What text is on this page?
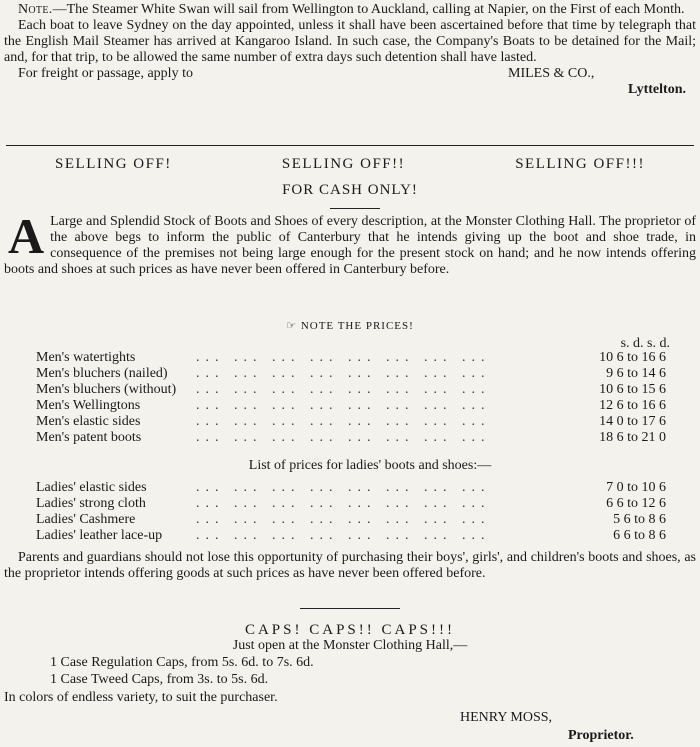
Note.—The Steamer White Swan will sail from Wellington to Auckland, calling at Napier, on the First of each Month.

Each boat to leave Sydney on the day appointed, unless it shall have been ascertained before that time by telegraph that the English Mail Steamer has arrived at Kangaroo Island. In such case, the Company's Boats to be detained for the Mail; and, for that trip, to be allowed the same number of extra days such detention shall have lasted.

For freight or passage, apply to	MILES & CO.,

Lyttelton.

SELLING OFF!	SELLING OFF!!	SELLING OFF!!!
FOR CASH ONLY!
A Large and Splendid Stock of Boots and Shoes of every description, at the Monster Clothing Hall. The proprietor of the above begs to inform the public of Canterbury that he intends giving up the boot and shoe trade, in consequence of the premises not being large enough for the present stock on hand; and he now intends offering boots and shoes at such prices as have never been offered in Canterbury before.

☞ NOTE THE PRICES!
s. d. s. d.
Men's watertights	... ... ... ... ... ... ... ...	10 6 to 16 6
Men's bluchers (nailed)	... ... ... ... ... ... ... ...	9 6 to 14 6
Men's bluchers (without)	... ... ... ... ... ... ... ...	10 6 to 15 6
Men's Wellingtons	... ... ... ... ... ... ... ...	12 6 to 16 6
Men's elastic sides	... ... ... ... ... ... ... ...	14 0 to 17 6
Men's patent boots	... ... ... ... ... ... ... ...	18 6 to 21 0
List of prices for ladies' boots and shoes:—
Ladies' elastic sides	... ... ... ... ... ... ... ...	7 0 to 10 6
Ladies' strong cloth	... ... ... ... ... ... ... ...	6 6 to 12 6
Ladies' Cashmere	... ... ... ... ... ... ... ...	5 6 to 8 6
Ladies' leather lace-up	... ... ... ... ... ... ... ...	6 6 to 8 6

Parents and guardians should not lose this opportunity of purchasing their boys', girls', and children's boots and shoes, as the proprietor intends offering goods at such prices as have never been offered before.

CAPS! CAPS!! CAPS!!!
Just open at the Monster Clothing Hall,—
1 Case Regulation Caps, from 5s. 6d. to 7s. 6d.
1 Case Tweed Caps, from 3s. to 5s. 6d.
In colors of endless variety, to suit the purchaser.
HENRY MOSS,
Proprietor.
